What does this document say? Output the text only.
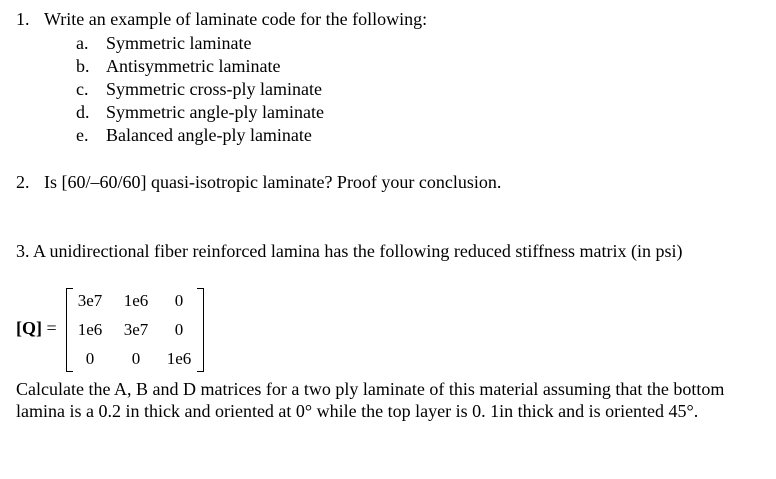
1. Write an example of laminate code for the following:
a. Symmetric laminate
b. Antisymmetric laminate
c. Symmetric cross-ply laminate
d. Symmetric angle-ply laminate
e. Balanced angle-ply laminate
2. Is [60/–60/60] quasi-isotropic laminate? Proof your conclusion.
3. A unidirectional fiber reinforced lamina has the following reduced stiffness matrix (in psi)
[Q] =
3e7	1e6	0
1e6	3e7	0
0	0	1e6
Calculate the A, B and D matrices for a two ply laminate of this material assuming that the bottom lamina is a 0.2 in thick and oriented at 0° while the top layer is 0. 1in thick and is oriented 45°.
